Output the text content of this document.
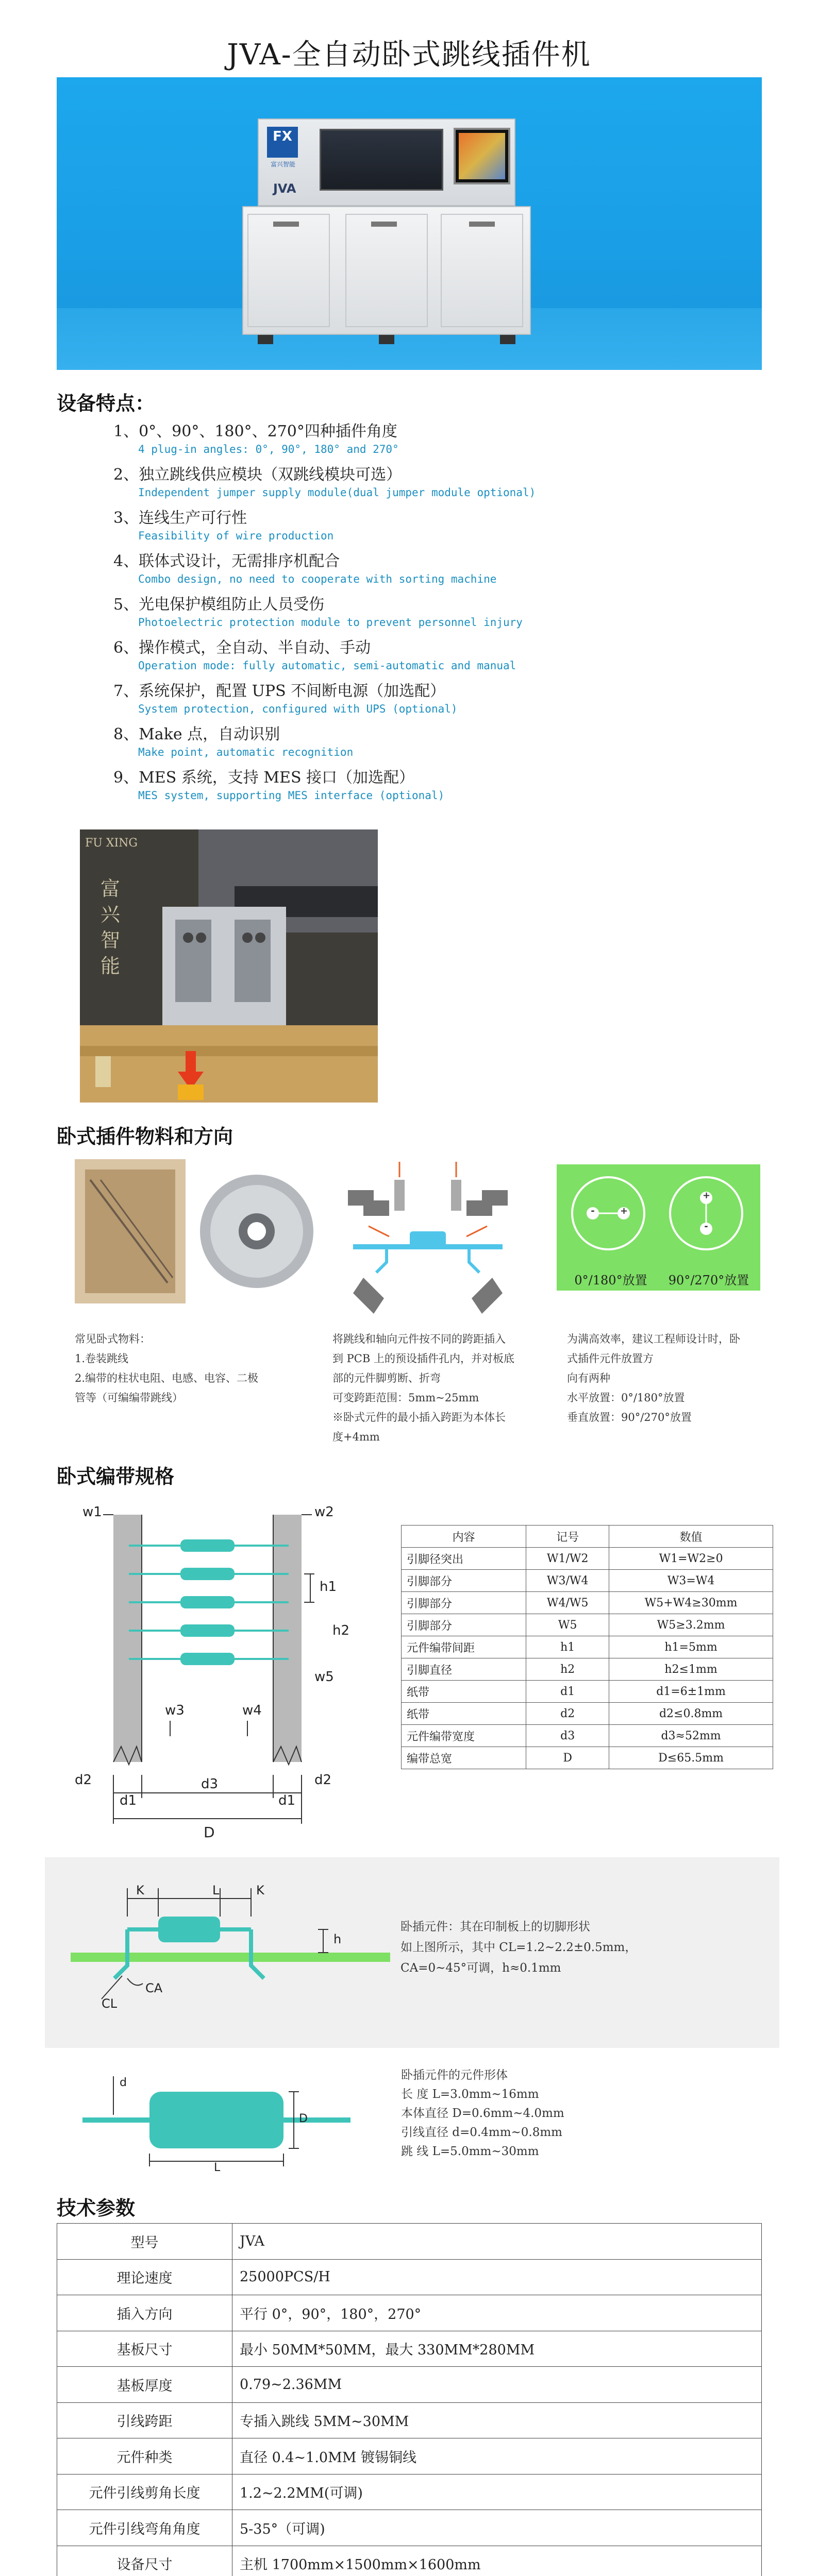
JVA-全自动卧式跳线插件机
FX
富兴智能
JVA
设备特点：
1、0°、90°、180°、270°四种插件角度
4 plug-in angles: 0°, 90°, 180° and 270°
2、独立跳线供应模块（双跳线模块可选）
Independent jumper supply module(dual jumper module optional)
3、连线生产可行性
Feasibility of wire production
4、联体式设计，无需排序机配合
Combo design, no need to cooperate with sorting machine
5、光电保护模组防止人员受伤
Photoelectric protection module to prevent personnel injury
6、操作模式，全自动、半自动、手动
Operation mode: fully automatic, semi-automatic and manual
7、系统保护，配置 UPS 不间断电源（加选配）
System protection, configured with UPS (optional)
8、Make 点，自动识别
Make point, automatic recognition
9、MES 系统，支持 MES 接口（加选配）
MES system, supporting MES interface (optional)
FU XING
富兴智能
卧式插件物料和方向
-	+
+
-
0°/180°放置	90°/270°放置
常见卧式物料：
1.卷装跳线
2.编带的柱状电阻、电感、电容、二极
管等（可编编带跳线）
将跳线和轴向元件按不同的跨距插入
到 PCB 上的预设插件孔内，并对板底
部的元件脚剪断、折弯
可变跨距范围：5mm~25mm
※卧式元件的最小插入跨距为本体长
度+4mm
为满高效率，建议工程师设计时，卧
式插件元件放置方
向有两种
水平放置：0°/180°放置
垂直放置：90°/270°放置
卧式编带规格
w1	w2
h1
h2
w5
w3	w4
d2	d2
d1	d1
d3
D
内容	记号	数值
引脚径突出	W1/W2	W1=W2≥0
引脚部分	W3/W4	W3=W4
引脚部分	W4/W5	W5+W4≥30mm
引脚部分	W5	W5≥3.2mm
元件编带间距	h1	h1=5mm
引脚直径	h2	h2≤1mm
纸带	d1	d1=6±1mm
纸带	d2	d2≤0.8mm
元件编带宽度	d3	d3≈52mm
编带总宽	D	D≤65.5mm
K	L	K
h
CL
CA
卧插元件：其在印制板上的切脚形状
如上图所示，其中 CL=1.2~2.2±0.5mm，
CA=0~45°可调，h≈0.1mm
d
D
L
卧插元件的元件形体
长 度 L=3.0mm~16mm
本体直径 D=0.6mm~4.0mm
引线直径 d=0.4mm~0.8mm
跳 线 L=5.0mm~30mm
技术参数
型号	JVA
理论速度	25000PCS/H
插入方向	平行 0°，90°，180°，270°
基板尺寸	最小 50MM*50MM，最大 330MM*280MM
基板厚度	0.79~2.36MM
引线跨距	专插入跳线 5MM~30MM
元件种类	直径 0.4~1.0MM 镀锡铜线
元件引线剪角长度	1.2~2.2MM(可调)
元件引线弯角角度	5-35°（可调)
设备尺寸	主机 1700mm×1500mm×1600mm
